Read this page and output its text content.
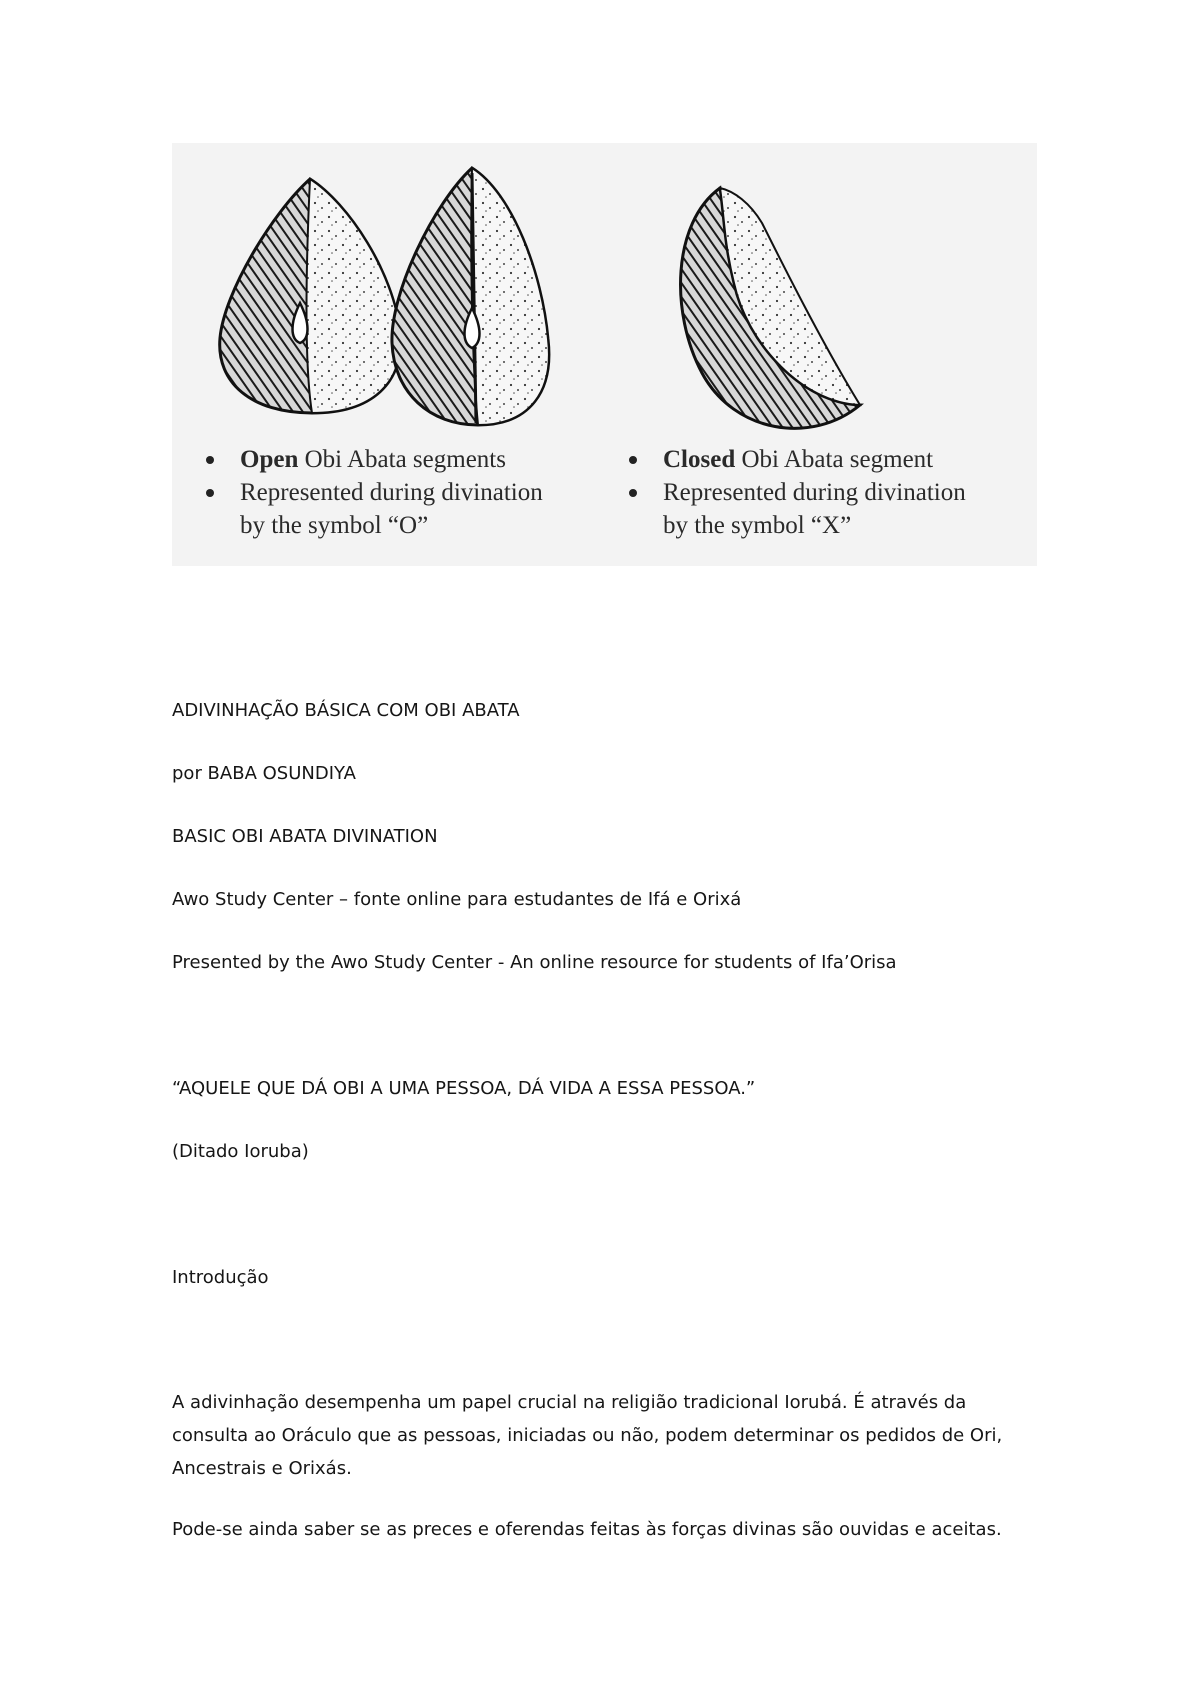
Open Obi Abata segments
Represented during divination
by the symbol “O”
Closed Obi Abata segment
Represented during divination
by the symbol “X”

ADIVINHAÇÃO BÁSICA COM OBI ABATA

por BABA OSUNDIYA

BASIC OBI ABATA DIVINATION

Awo Study Center – fonte online para estudantes de Ifá e Orixá

Presented by the Awo Study Center - An online resource for students of Ifa’Orisa

“AQUELE QUE DÁ OBI A UMA PESSOA, DÁ VIDA A ESSA PESSOA.”

(Ditado Ioruba)

Introdução

A adivinhação desempenha um papel crucial na religião tradicional Iorubá. É através da consulta ao Oráculo que as pessoas, iniciadas ou não, podem determinar os pedidos de Ori, Ancestrais e Orixás.

Pode-se ainda saber se as preces e oferendas feitas às forças divinas são ouvidas e aceitas.
